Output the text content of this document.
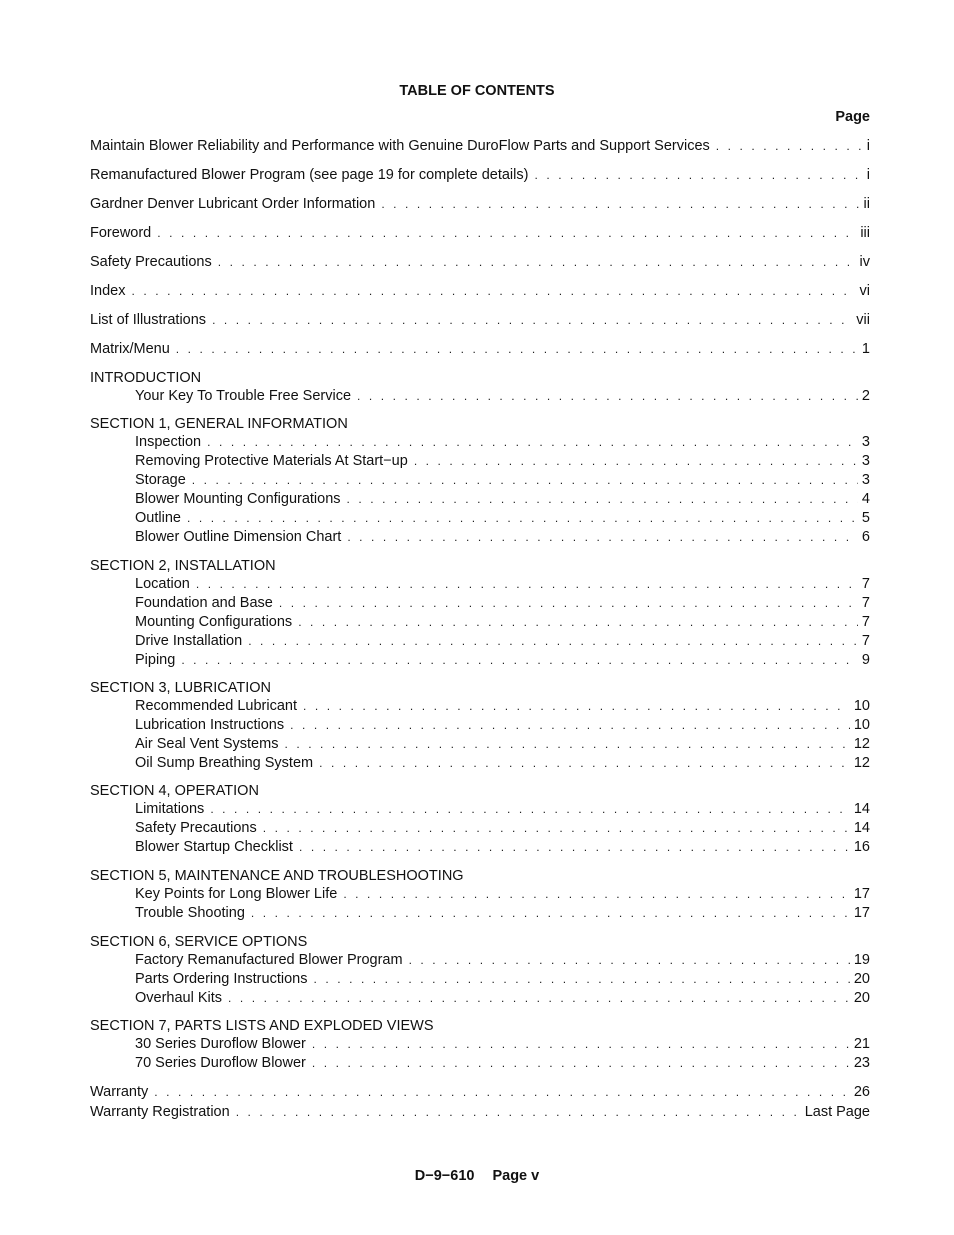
TABLE OF CONTENTS
Page
Maintain Blower Reliability and Performance with Genuine DuroFlow Parts and Support Services . . .	i
Remanufactured Blower Program (see page 19 for complete details) . . .	i
Gardner Denver Lubricant Order Information . . .	ii
Foreword . . .	iii
Safety Precautions . . .	iv
Index . . .	vi
List of Illustrations . . .	vii
Matrix/Menu . . .	1
INTRODUCTION
Your Key To Trouble Free Service . . .	2
SECTION 1, GENERAL INFORMATION
Inspection . . .	3
Removing Protective Materials At Start−up . . .	3
Storage . . .	3
Blower Mounting Configurations . . .	4
Outline . . .	5
Blower Outline Dimension Chart . . .	6
SECTION 2, INSTALLATION
Location . . .	7
Foundation and Base . . .	7
Mounting Configurations . . .	7
Drive Installation . . .	7
Piping . . .	9
SECTION 3, LUBRICATION
Recommended Lubricant . . .	10
Lubrication Instructions . . .	10
Air Seal Vent Systems . . .	12
Oil Sump Breathing System . . .	12
SECTION 4, OPERATION
Limitations . . .	14
Safety Precautions . . .	14
Blower Startup Checklist . . .	16
SECTION 5, MAINTENANCE AND TROUBLESHOOTING
Key Points for Long Blower Life . . .	17
Trouble Shooting . . .	17
SECTION 6, SERVICE OPTIONS
Factory Remanufactured Blower Program . . .	19
Parts Ordering Instructions . . .	20
Overhaul Kits . . .	20
SECTION 7, PARTS LISTS AND EXPLODED VIEWS
30 Series Duroflow Blower . . .	21
70 Series Duroflow Blower . . .	23
Warranty . . .	26
Warranty Registration . . .	Last Page
D−9−610 Page v
